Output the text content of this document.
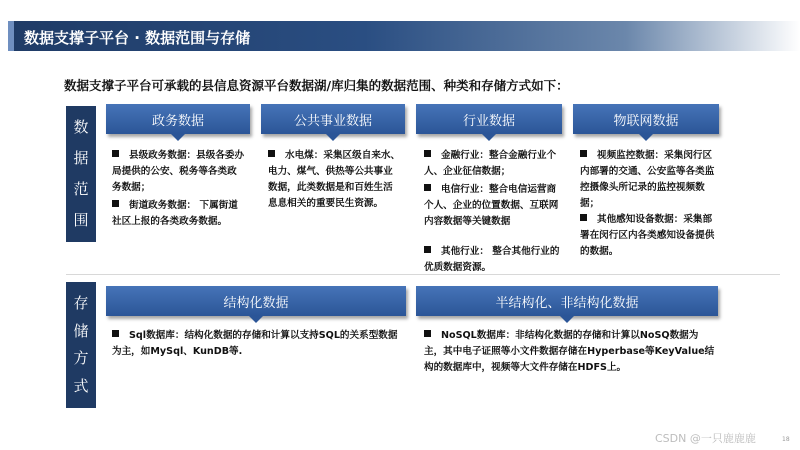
数据支撑子平台 · 数据范围与存储
数据支撑子平台可承载的县信息资源平台数据湖/库归集的数据范围、种类和存储方式如下：
数
据
范
围
政务数据	公共事业数据	行业数据	物联网数据
县级政务数据：县级各委办局提供的公安、税务等各类政务数据；
街道政务数据： 下属街道社区上报的各类政务数据。
水电煤：采集区级自来水、电力、煤气、供热等公共事业数据，此类数据是和百姓生活息息相关的重要民生资源。
金融行业：整合金融行业个人、企业征信数据；
电信行业：整合电信运营商个人、企业的位置数据、互联网内容数据等关键数据
其他行业： 整合其他行业的优质数据资源。
视频监控数据：采集闵行区内部署的交通、公安监等各类监控摄像头所记录的监控视频数据；
其他感知设备数据：采集部署在闵行区内各类感知设备提供的数据。
存
储
方
式
结构化数据	半结构化、非结构化数据
Sql数据库：结构化数据的存储和计算以支持SQL的关系型数据为主，如MySql、KunDB等.
NoSQL数据库：非结构化数据的存储和计算以NoSQ数据为主，其中电子证照等小文件数据存储在Hyperbase等KeyValue结构的数据库中，视频等大文件存储在HDFS上。
CSDN @一只鹿鹿鹿	18
